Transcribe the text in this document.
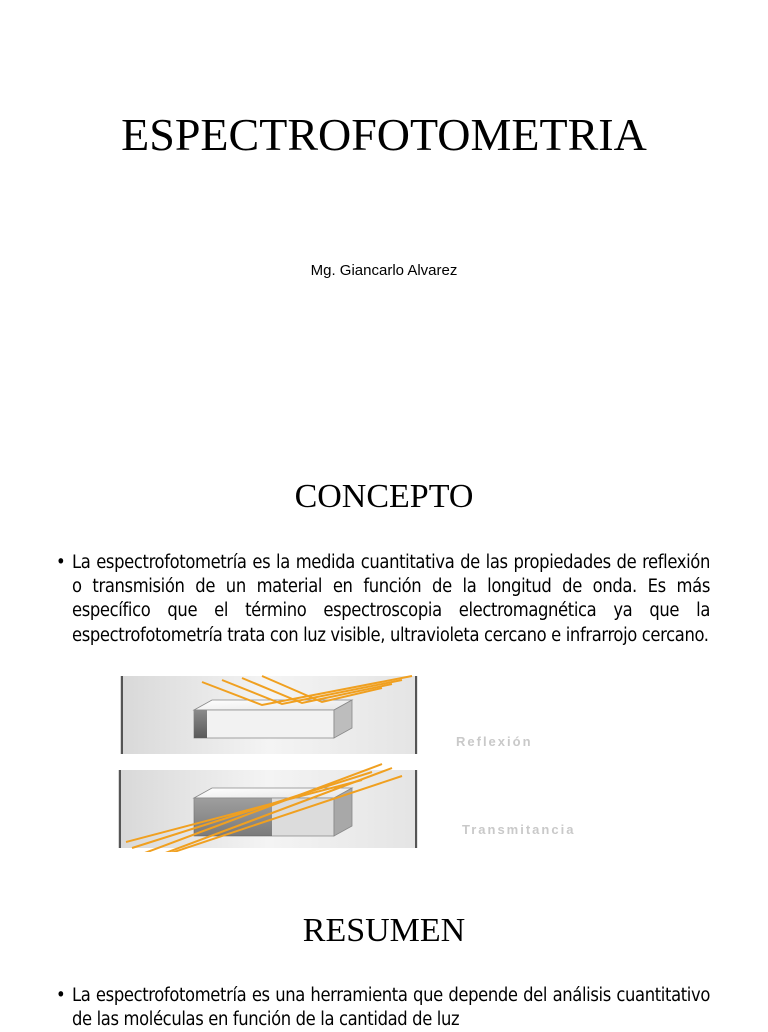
ESPECTROFOTOMETRIA
Mg. Giancarlo Alvarez
CONCEPTO
• La espectrofotometría es la medida cuantitativa de las propiedades de reflexión o transmisión de un material en función de la longitud de onda. Es más específico que el término espectroscopia electromagnética ya que la espectrofotometría trata con luz visible, ultravioleta cercano e infrarrojo cercano.
Reflexión
Transmitancia
RESUMEN
• La espectrofotometría es una herramienta que depende del análisis cuantitativo de las moléculas en función de la cantidad de luz
